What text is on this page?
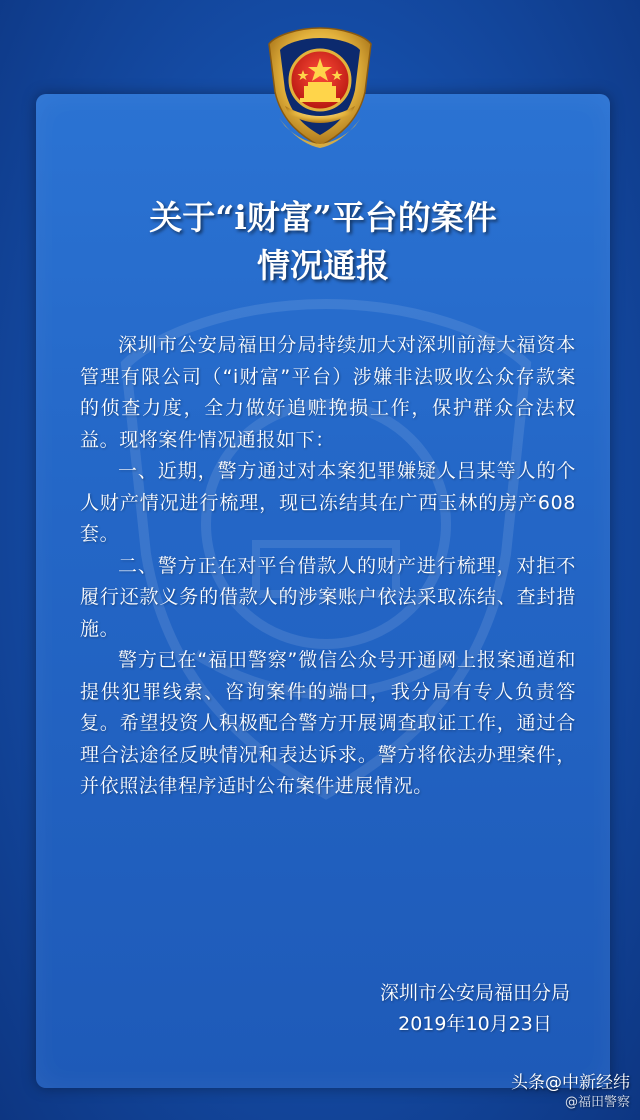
关于“i财富”平台的案件
情况通报

深圳市公安局福田分局持续加大对深圳前海大福资本管理有限公司（“i财富”平台）涉嫌非法吸收公众存款案的侦查力度，全力做好追赃挽损工作，保护群众合法权益。现将案件情况通报如下：

一、近期，警方通过对本案犯罪嫌疑人吕某等人的个人财产情况进行梳理，现已冻结其在广西玉林的房产608套。

二、警方正在对平台借款人的财产进行梳理，对拒不履行还款义务的借款人的涉案账户依法采取冻结、查封措施。

警方已在“福田警察”微信公众号开通网上报案通道和提供犯罪线索、咨询案件的端口，我分局有专人负责答复。希望投资人积极配合警方开展调查取证工作，通过合理合法途径反映情况和表达诉求。警方将依法办理案件，并依照法律程序适时公布案件进展情况。

深圳市公安局福田分局
2019年10月23日
头条@中新经纬
@福田警察
